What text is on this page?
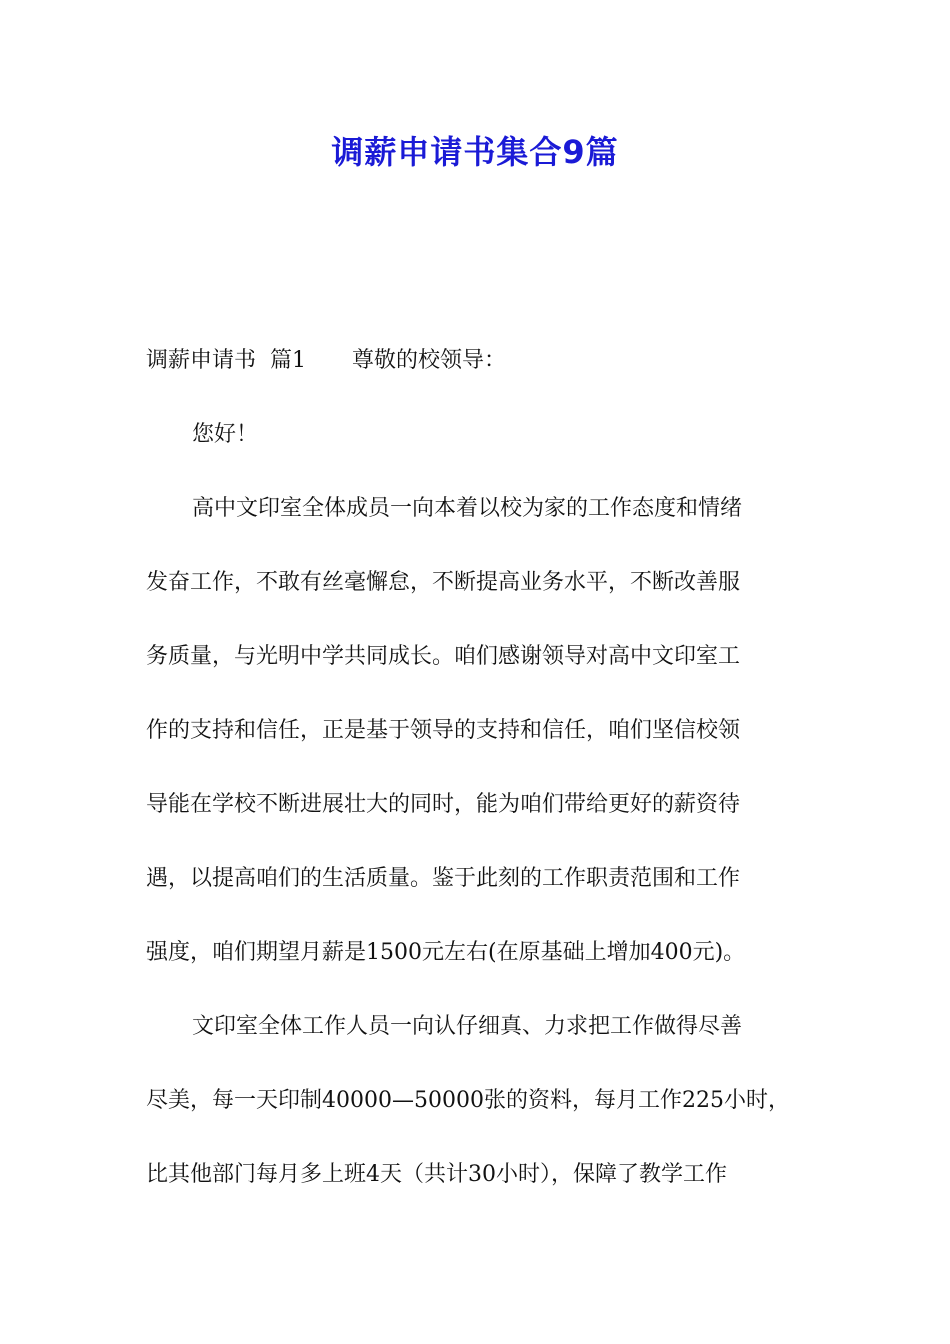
调薪申请书集合9篇
调薪申请书  篇1 尊敬的校领导：
您好！
高中文印室全体成员一向本着以校为家的工作态度和情绪
发奋工作，不敢有丝毫懈怠，不断提高业务水平，不断改善服
务质量，与光明中学共同成长。咱们感谢领导对高中文印室工
作的支持和信任，正是基于领导的支持和信任，咱们坚信校领
导能在学校不断进展壮大的同时，能为咱们带给更好的薪资待
遇，以提高咱们的生活质量。鉴于此刻的工作职责范围和工作
强度，咱们期望月薪是1500元左右(在原基础上增加400元)。
文印室全体工作人员一向认仔细真、力求把工作做得尽善
尽美，每一天印制40000—50000张的资料，每月工作225小时，
比其他部门每月多上班4天（共计30小时），保障了教学工作
